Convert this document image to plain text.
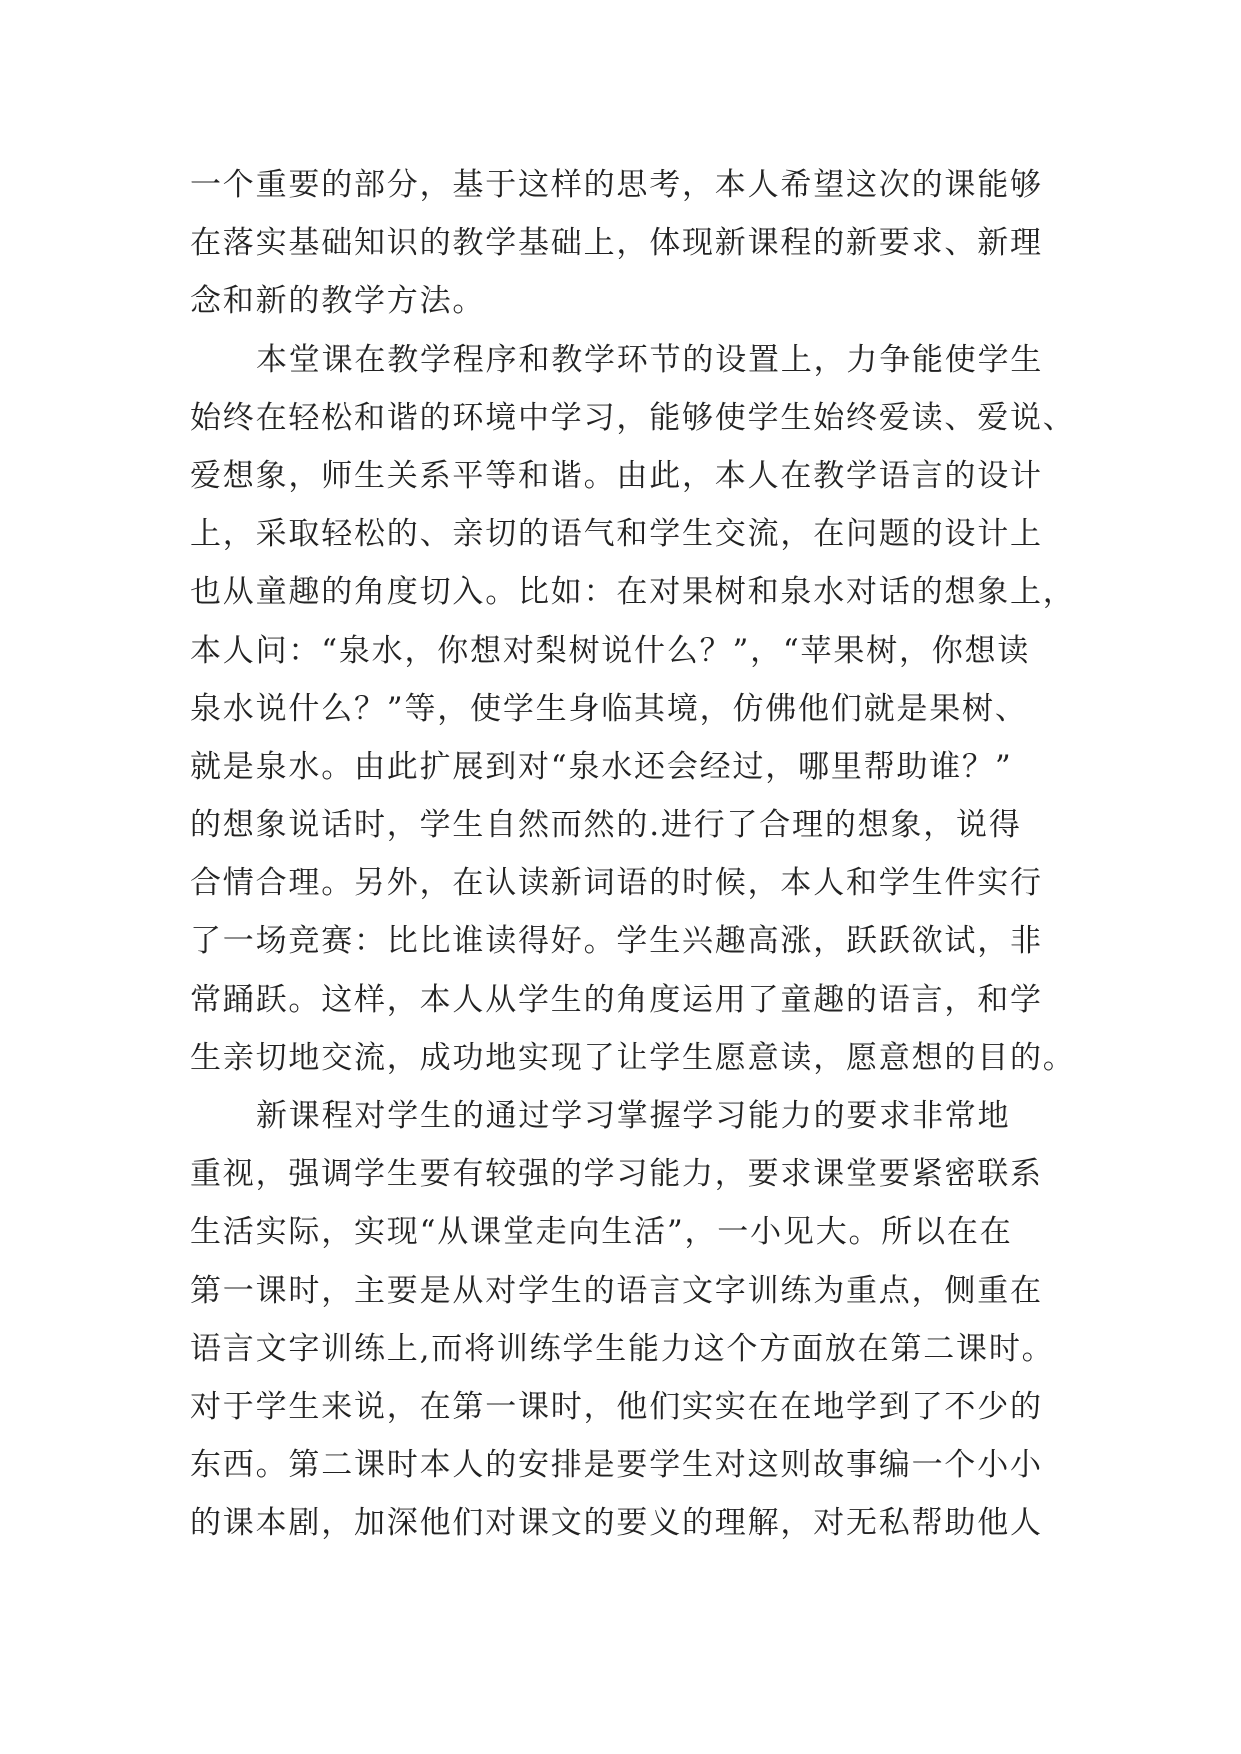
一个重要的部分，基于这样的思考，本人希望这次的课能够
在落实基础知识的教学基础上，体现新课程的新要求、新理
念和新的教学方法。
本堂课在教学程序和教学环节的设置上，力争能使学生
始终在轻松和谐的环境中学习，能够使学生始终爱读、爱说、
爱想象，师生关系平等和谐。由此，本人在教学语言的设计
上，采取轻松的、亲切的语气和学生交流，在问题的设计上
也从童趣的角度切入。比如：在对果树和泉水对话的想象上，
本人问：“泉水，你想对梨树说什么？”，“苹果树，你想读
泉水说什么？”等，使学生身临其境，仿佛他们就是果树、
就是泉水。由此扩展到对“泉水还会经过，哪里帮助谁？”
的想象说话时，学生自然而然的.进行了合理的想象，说得
合情合理。另外，在认读新词语的时候，本人和学生件实行
了一场竞赛：比比谁读得好。学生兴趣高涨，跃跃欲试，非
常踊跃。这样，本人从学生的角度运用了童趣的语言，和学
生亲切地交流，成功地实现了让学生愿意读，愿意想的目的。
新课程对学生的通过学习掌握学习能力的要求非常地
重视，强调学生要有较强的学习能力，要求课堂要紧密联系
生活实际，实现“从课堂走向生活”，一小见大。所以在在
第一课时，主要是从对学生的语言文字训练为重点，侧重在
语言文字训练上,而将训练学生能力这个方面放在第二课时。
对于学生来说，在第一课时，他们实实在在地学到了不少的
东西。第二课时本人的安排是要学生对这则故事编一个小小
的课本剧，加深他们对课文的要义的理解，对无私帮助他人
